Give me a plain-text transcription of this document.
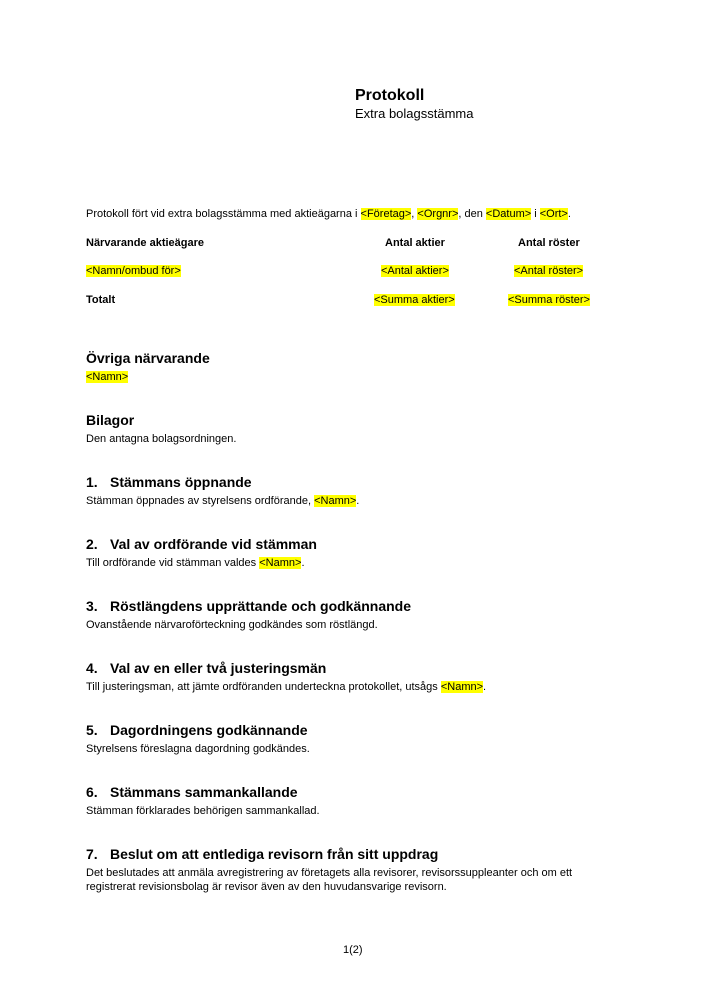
Protokoll
Extra bolagsstämma
Protokoll fört vid extra bolagsstämma med aktieägarna i <Företag>, <Orgnr>, den <Datum> i <Ort>.
Närvarande aktieägare	Antal aktier	Antal röster
<Namn/ombud för>	<Antal aktier>	<Antal röster>
Totalt	<Summa aktier>	<Summa röster>
Övriga närvarande
<Namn>
Bilagor
Den antagna bolagsordningen.
1. Stämmans öppnande
Stämman öppnades av styrelsens ordförande, <Namn>.
2. Val av ordförande vid stämman
Till ordförande vid stämman valdes <Namn>.
3. Röstlängdens upprättande och godkännande
Ovanstående närvaroförteckning godkändes som röstlängd.
4. Val av en eller två justeringsmän
Till justeringsman, att jämte ordföranden underteckna protokollet, utsågs <Namn>.
5. Dagordningens godkännande
Styrelsens föreslagna dagordning godkändes.
6. Stämmans sammankallande
Stämman förklarades behörigen sammankallad.
7. Beslut om att entlediga revisorn från sitt uppdrag
Det beslutades att anmäla avregistrering av företagets alla revisorer, revisorssuppleanter och om ett
registrerat revisionsbolag är revisor även av den huvudansvarige revisorn.
1(2)
